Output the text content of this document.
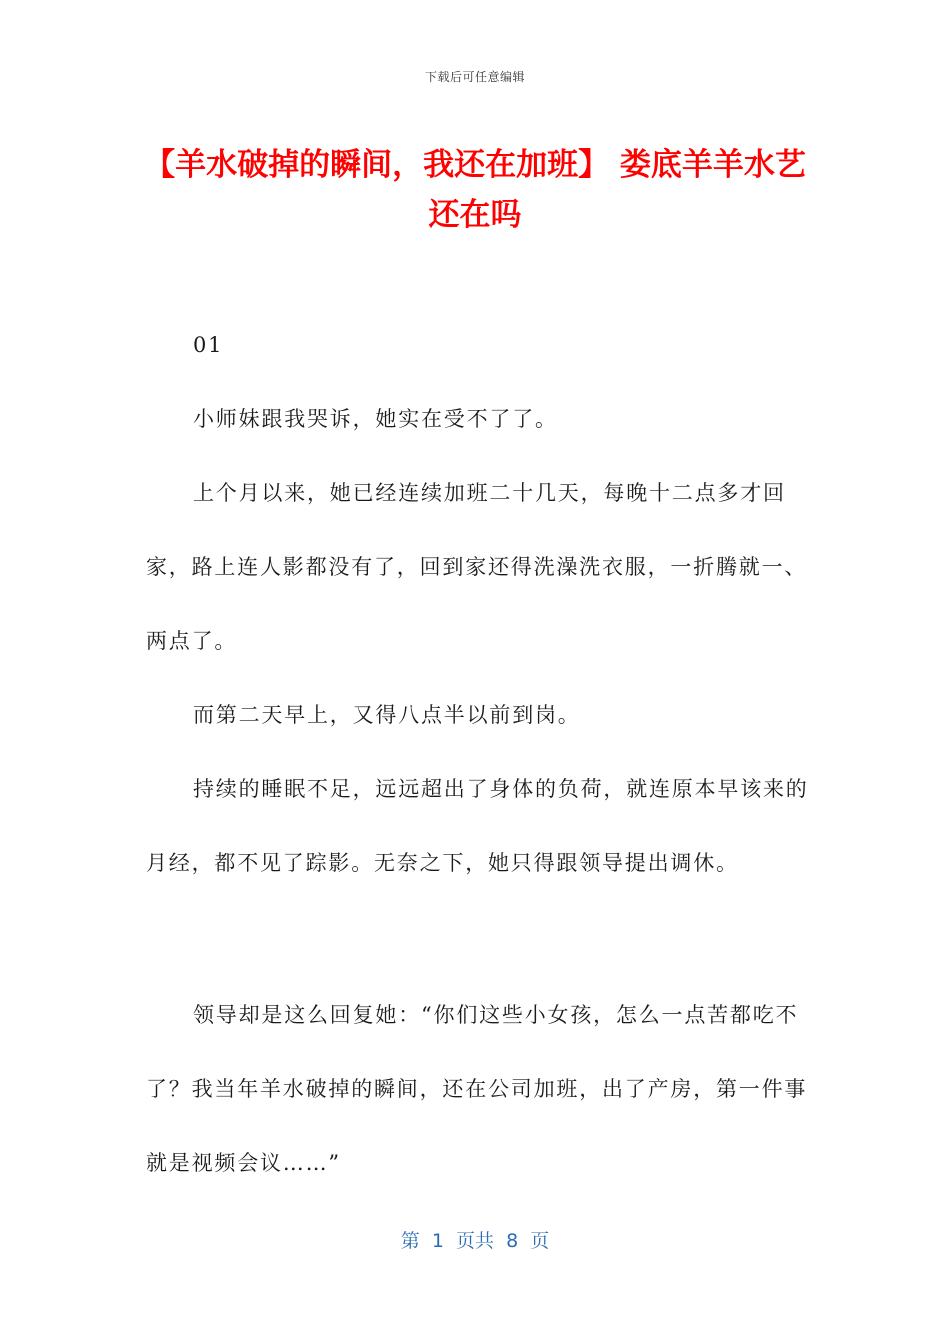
下载后可任意编辑
【羊水破掉的瞬间，我还在加班】 娄底羊羊水艺还在吗

01

小师妹跟我哭诉，她实在受不了了。

上个月以来，她已经连续加班二十几天，每晚十二点多才回家，路上连人影都没有了，回到家还得洗澡洗衣服，一折腾就一、两点了。

而第二天早上，又得八点半以前到岗。

持续的睡眠不足，远远超出了身体的负荷，就连原本早该来的月经，都不见了踪影。无奈之下，她只得跟领导提出调休。

领导却是这么回复她：“你们这些小女孩，怎么一点苦都吃不了？我当年羊水破掉的瞬间，还在公司加班，出了产房，第一件事就是视频会议……”

第  1  页共  8  页
